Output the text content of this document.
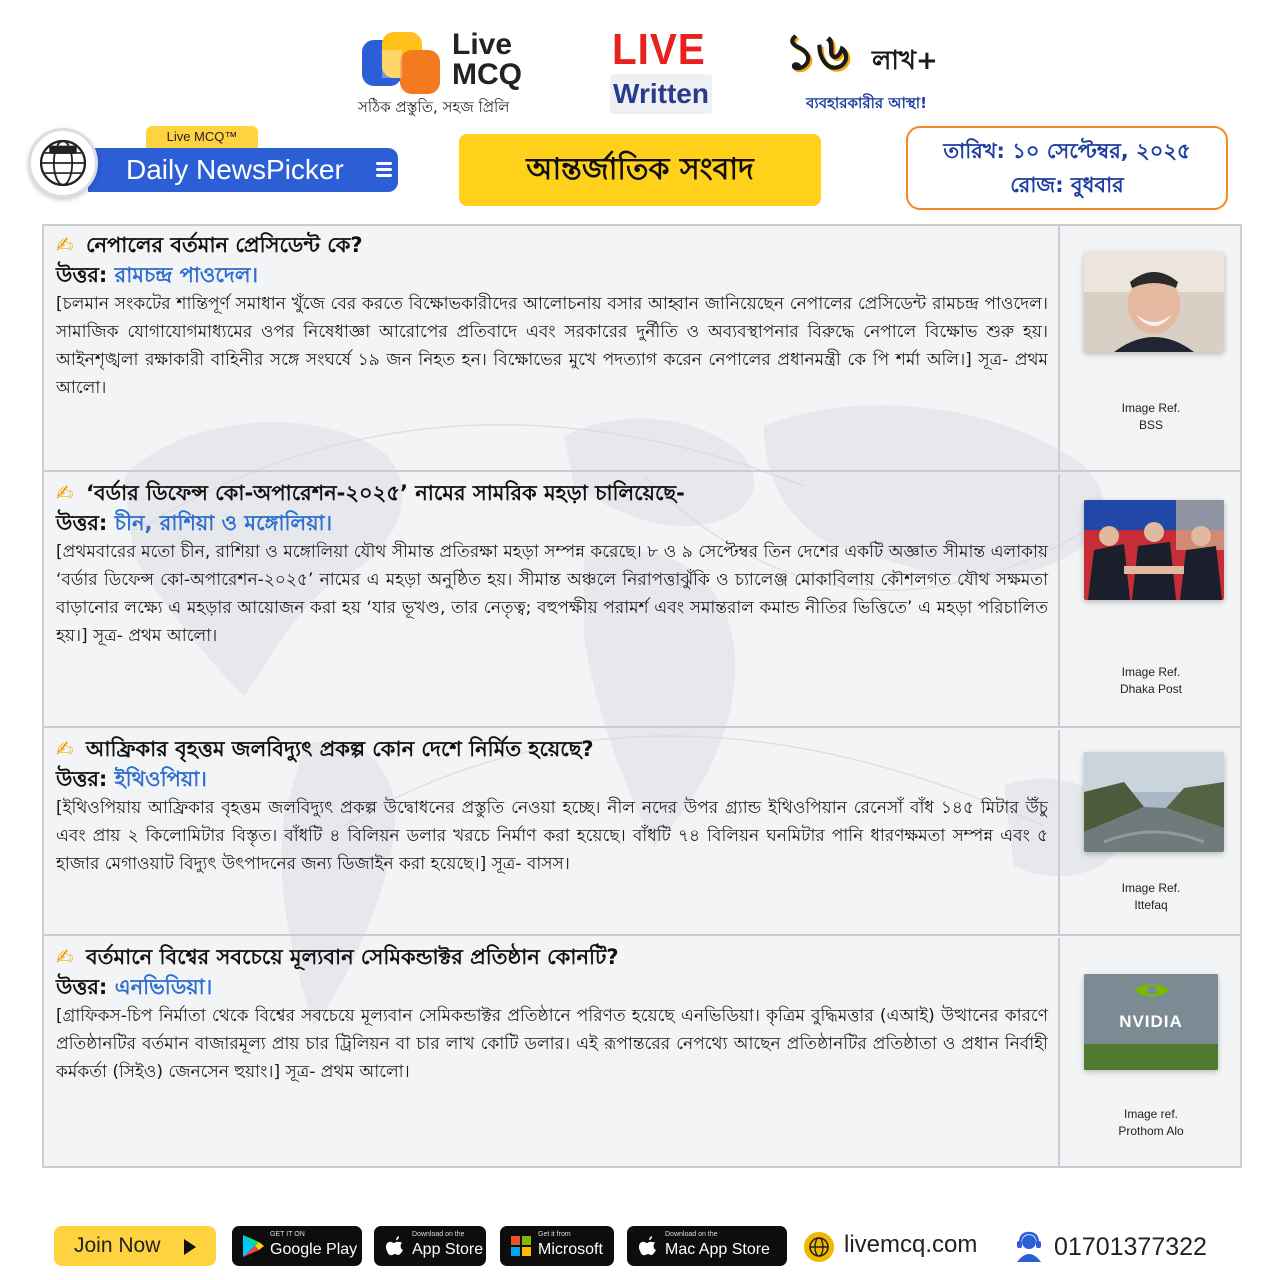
Live
MCQ
সঠিক প্রস্তুতি, সহজ প্রিলি
LIVE
Written
১৬ লাখ+
ব্যবহারকারীর আস্থা!
Live MCQ™
Daily NewsPicker	আন্তর্জাতিক সংবাদ
তারিখ: ১০ সেপ্টেম্বর, ২০২৫
রোজ: বুধবার
✍ নেপালের বর্তমান প্রেসিডেন্ট কে?
উত্তর: রামচন্দ্র পাওদেল।
[চলমান সংকটের শান্তিপূর্ণ সমাধান খুঁজে বের করতে বিক্ষোভকারীদের আলোচনায় বসার আহ্বান জানিয়েছেন নেপালের প্রেসিডেন্ট রামচন্দ্র পাওদেল। সামাজিক যোগাযোগমাধ্যমের ওপর নিষেধাজ্ঞা আরোপের প্রতিবাদে এবং সরকারের দুর্নীতি ও অব্যবস্থাপনার বিরুদ্ধে নেপালে বিক্ষোভ শুরু হয়। আইনশৃঙ্খলা রক্ষাকারী বাহিনীর সঙ্গে সংঘর্ষে ১৯ জন নিহত হন। বিক্ষোভের মুখে পদত্যাগ করেন নেপালের প্রধানমন্ত্রী কে পি শর্মা অলি।] সূত্র- প্রথম আলো।
Image Ref.
BSS
✍ ‘বর্ডার ডিফেন্স কো-অপারেশন-২০২৫’ নামের সামরিক মহড়া চালিয়েছে-
উত্তর: চীন, রাশিয়া ও মঙ্গোলিয়া।
[প্রথমবারের মতো চীন, রাশিয়া ও মঙ্গোলিয়া যৌথ সীমান্ত প্রতিরক্ষা মহড়া সম্পন্ন করেছে। ৮ ও ৯ সেপ্টেম্বর তিন দেশের একটি অজ্ঞাত সীমান্ত এলাকায় ‘বর্ডার ডিফেন্স কো-অপারেশন-২০২৫’ নামের এ মহড়া অনুষ্ঠিত হয়। সীমান্ত অঞ্চলে নিরাপত্তাঝুঁকি ও চ্যালেঞ্জ মোকাবিলায় কৌশলগত যৌথ সক্ষমতা বাড়ানোর লক্ষ্যে এ মহড়ার আয়োজন করা হয় ‘যার ভূখণ্ড, তার নেতৃত্ব; বহুপক্ষীয় পরামর্শ এবং সমান্তরাল কমান্ড নীতির ভিত্তিতে’ এ মহড়া পরিচালিত হয়।] সূত্র- প্রথম আলো।
Image Ref.
Dhaka Post
✍ আফ্রিকার বৃহত্তম জলবিদ্যুৎ প্রকল্প কোন দেশে নির্মিত হয়েছে?
উত্তর: ইথিওপিয়া।
[ইথিওপিয়ায় আফ্রিকার বৃহত্তম জলবিদ্যুৎ প্রকল্প উদ্বোধনের প্রস্তুতি নেওয়া হচ্ছে। নীল নদের উপর গ্র্যান্ড ইথিওপিয়ান রেনেসাঁ বাঁধ ১৪৫ মিটার উঁচু এবং প্রায় ২ কিলোমিটার বিস্তৃত। বাঁধটি ৪ বিলিয়ন ডলার খরচে নির্মাণ করা হয়েছে। বাঁধটি ৭৪ বিলিয়ন ঘনমিটার পানি ধারণক্ষমতা সম্পন্ন এবং ৫ হাজার মেগাওয়াট বিদ্যুৎ উৎপাদনের জন্য ডিজাইন করা হয়েছে।] সূত্র- বাসস।
Image Ref.
Ittefaq
✍ বর্তমানে বিশ্বের সবচেয়ে মূল্যবান সেমিকন্ডাক্টর প্রতিষ্ঠান কোনটি?
উত্তর: এনভিডিয়া।
[গ্রাফিকস-চিপ নির্মাতা থেকে বিশ্বের সবচেয়ে মূল্যবান সেমিকন্ডাক্টর প্রতিষ্ঠানে পরিণত হয়েছে এনভিডিয়া। কৃত্রিম বুদ্ধিমত্তার (এআই) উত্থানের কারণে প্রতিষ্ঠানটির বর্তমান বাজারমূল্য প্রায় চার ট্রিলিয়ন বা চার লাখ কোটি ডলার। এই রূপান্তরের নেপথ্যে আছেন প্রতিষ্ঠানটির প্রতিষ্ঠাতা ও প্রধান নির্বাহী কর্মকর্তা (সিইও) জেনসেন হুয়াং।] সূত্র- প্রথম আলো।
NVIDIA
Image ref.
Prothom Alo
Join Now	GET IT ON
Google Play
Download on the
App Store
Get it from
Microsoft
Download on the
Mac App Store	livemcq.com	01701377322
